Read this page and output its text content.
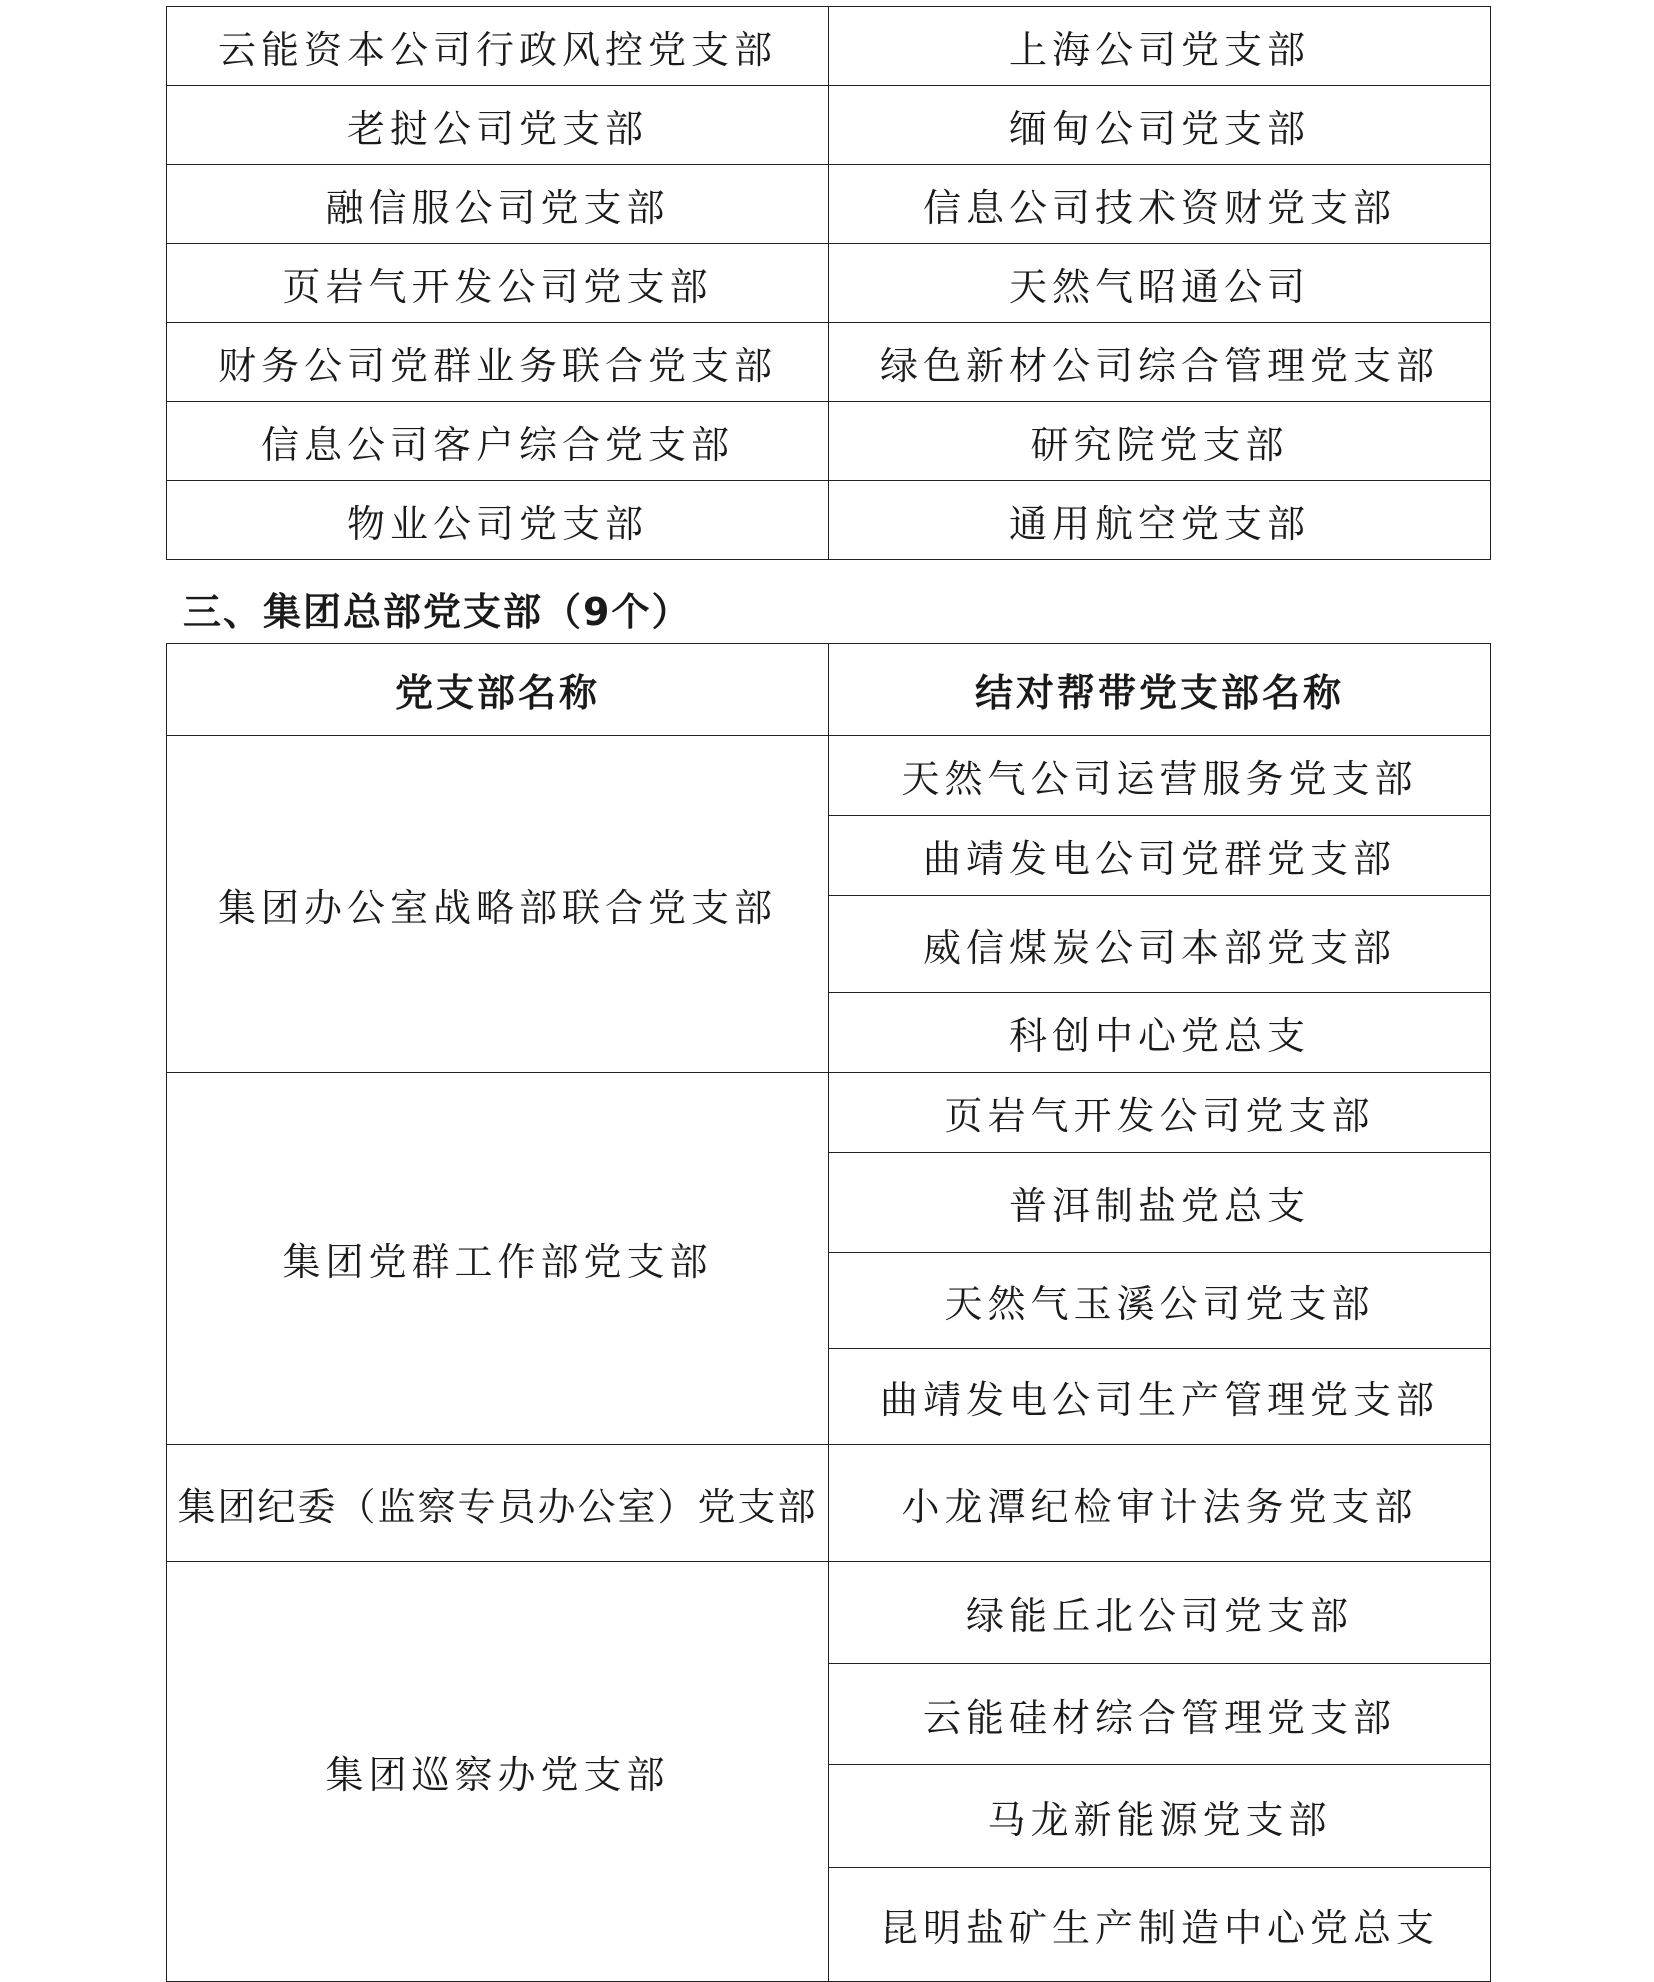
云能资本公司行政风控党支部	上海公司党支部
老挝公司党支部	缅甸公司党支部
融信服公司党支部	信息公司技术资财党支部
页岩气开发公司党支部	天然气昭通公司
财务公司党群业务联合党支部	绿色新材公司综合管理党支部
信息公司客户综合党支部	研究院党支部
物业公司党支部	通用航空党支部
三、集团总部党支部（9个）
党支部名称	结对帮带党支部名称
集团办公室战略部联合党支部	天然气公司运营服务党支部
	曲靖发电公司党群党支部
	威信煤炭公司本部党支部
	科创中心党总支
集团党群工作部党支部	页岩气开发公司党支部
	普洱制盐党总支
	天然气玉溪公司党支部
	曲靖发电公司生产管理党支部
集团纪委（监察专员办公室）党支部	小龙潭纪检审计法务党支部
集团巡察办党支部	绿能丘北公司党支部
	云能硅材综合管理党支部
	马龙新能源党支部
	昆明盐矿生产制造中心党总支
